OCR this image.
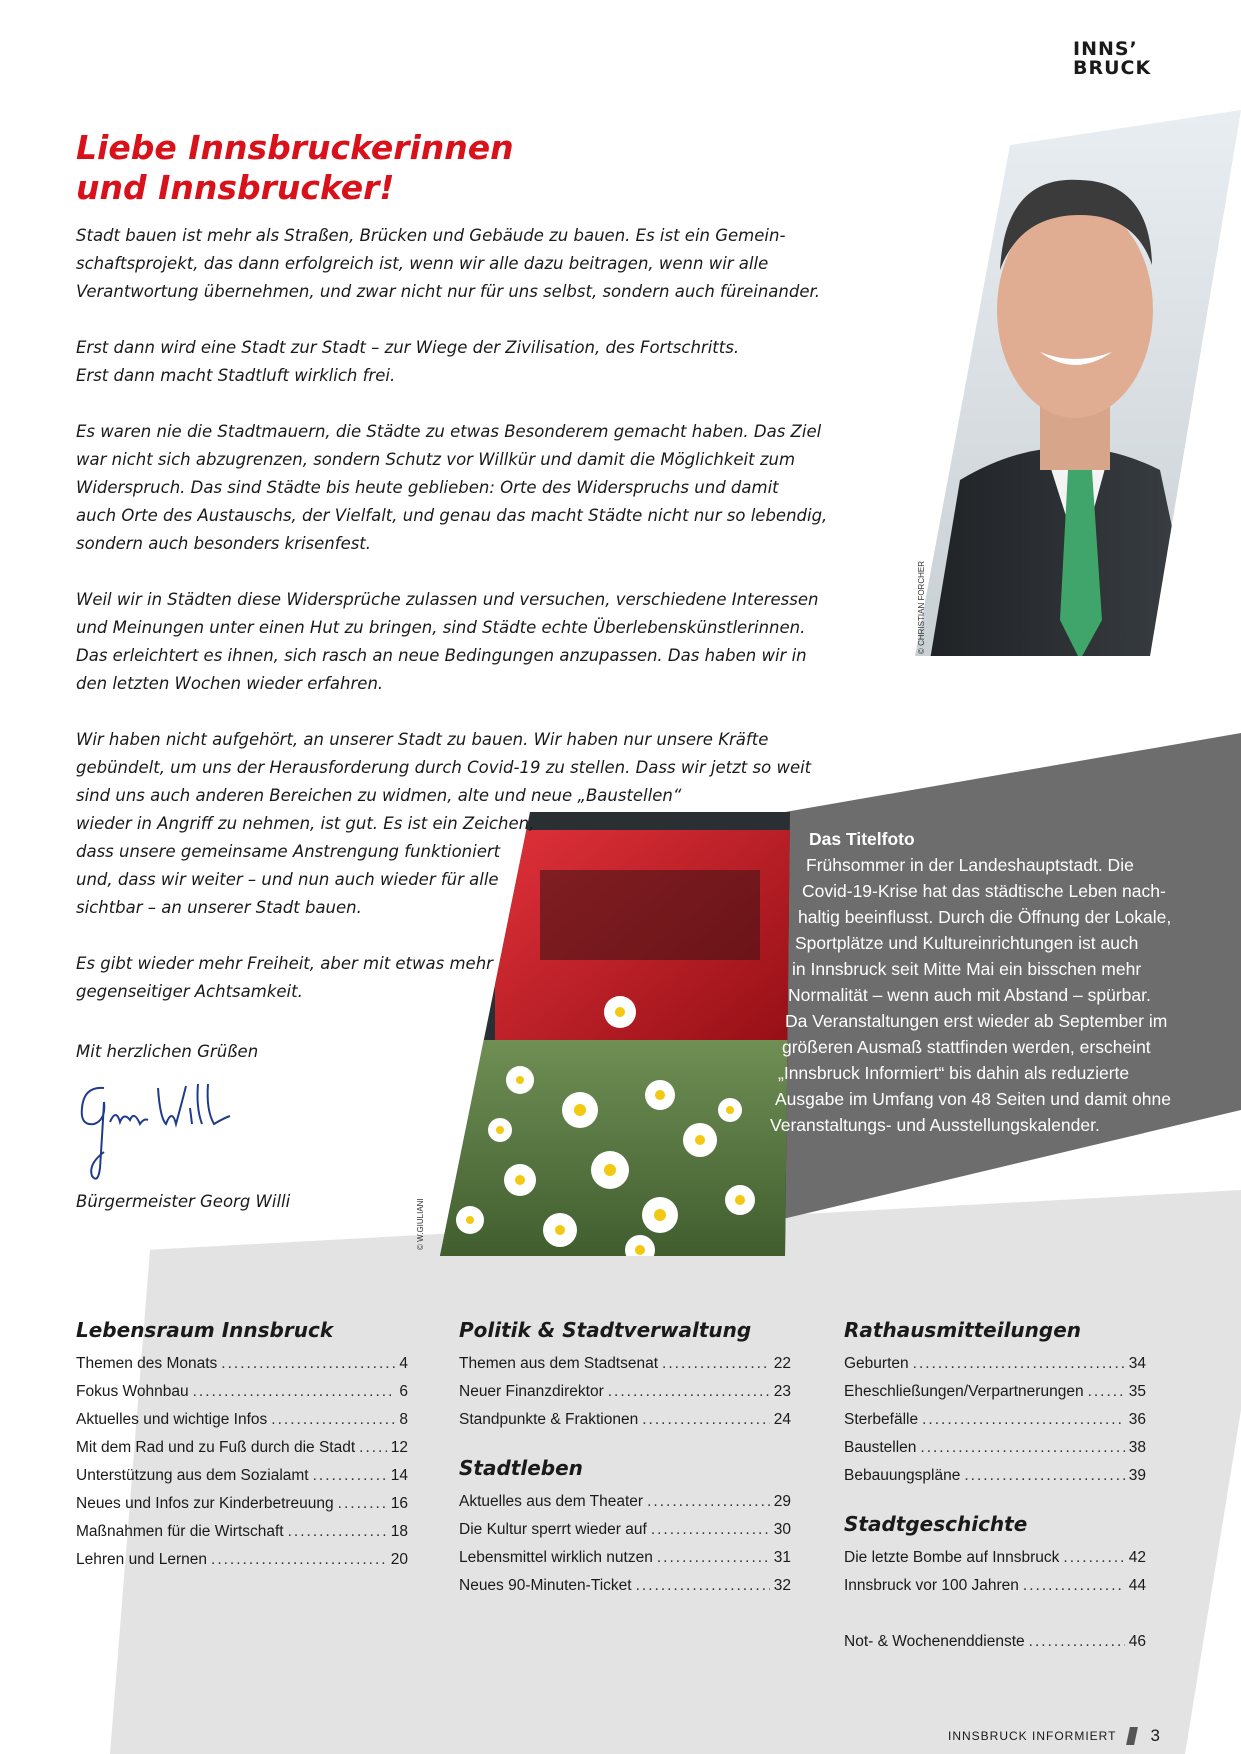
INNS’
BRUCK
Liebe Innsbruckerinnen
und Innsbrucker!

Stadt bauen ist mehr als Straßen, Brücken und Gebäude zu bauen. Es ist ein Gemein-
schaftsprojekt, das dann erfolgreich ist, wenn wir alle dazu beitragen, wenn wir alle
Verantwortung übernehmen, und zwar nicht nur für uns selbst, sondern auch füreinander.

Erst dann wird eine Stadt zur Stadt – zur Wiege der Zivilisation, des Fortschritts.
Erst dann macht Stadtluft wirklich frei.

Es waren nie die Stadtmauern, die Städte zu etwas Besonderem gemacht haben. Das Ziel
war nicht sich abzugrenzen, sondern Schutz vor Willkür und damit die Möglichkeit zum
Widerspruch. Das sind Städte bis heute geblieben: Orte des Widerspruchs und damit
auch Orte des Austauschs, der Vielfalt, und genau das macht Städte nicht nur so lebendig,
sondern auch besonders krisenfest.

Weil wir in Städten diese Widersprüche zulassen und versuchen, verschiedene Interessen
und Meinungen unter einen Hut zu bringen, sind Städte echte Überlebenskünstlerinnen.
Das erleichtert es ihnen, sich rasch an neue Bedingungen anzupassen. Das haben wir in
den letzten Wochen wieder erfahren.

Wir haben nicht aufgehört, an unserer Stadt zu bauen. Wir haben nur unsere Kräfte
gebündelt, um uns der Herausforderung durch Covid-19 zu stellen. Dass wir jetzt so weit
sind uns auch anderen Bereichen zu widmen, alte und neue „Baustellen“
wieder in Angriff zu nehmen, ist gut. Es ist ein Zeichen,
dass unsere gemeinsame Anstrengung funktioniert
und, dass wir weiter – und nun auch wieder für alle
sichtbar – an unserer Stadt bauen.

Es gibt wieder mehr Freiheit, aber mit etwas mehr
gegenseitiger Achtsamkeit.

Mit herzlichen Grüßen
Bürgermeister Georg Willi
© CHRISTIAN FORCHER
© W.GIULIANI
Das Titelfoto
Frühsommer in der Landeshauptstadt. Die
Covid-19-Krise hat das städtische Leben nach-
haltig beeinflusst. Durch die Öffnung der Lokale,
Sportplätze und Kultureinrichtungen ist auch
in Innsbruck seit Mitte Mai ein bisschen mehr
Normalität – wenn auch mit Abstand – spürbar.
Da Veranstaltungen erst wieder ab September im
größeren Ausmaß stattfinden werden, erscheint
„Innsbruck Informiert“ bis dahin als reduzierte
Ausgabe im Umfang von 48 Seiten und damit ohne
Veranstaltungs- und Ausstellungskalender.
Lebensraum Innsbruck
Themen des Monats .....	4
Fokus Wohnbau .....	6
Aktuelles und wichtige Infos .....	8
Mit dem Rad und zu Fuß durch die Stadt ..... 12
Unterstützung aus dem Sozialamt .....	14
Neues und Infos zur Kinderbetreuung .....	16
Maßnahmen für die Wirtschaft .....	18
Lehren und Lernen .....	20
Politik & Stadtverwaltung
Themen aus dem Stadtsenat .....	22
Neuer Finanzdirektor .....	23
Standpunkte & Fraktionen .....	24
Stadtleben
Aktuelles aus dem Theater .....	29
Die Kultur sperrt wieder auf .....	30
Lebensmittel wirklich nutzen .....	31
Neues 90-Minuten-Ticket .....	32
Rathausmitteilungen
Geburten .....	34
Eheschließungen/Verpartnerungen .....	35
Sterbefälle .....	36
Baustellen .....	38
Bebauungspläne .....	39
Stadtgeschichte
Die letzte Bombe auf Innsbruck .....	42
Innsbruck vor 100 Jahren .....	44
Not- & Wochenenddienste .....	46
INNSBRUCK INFORMIERT 3
